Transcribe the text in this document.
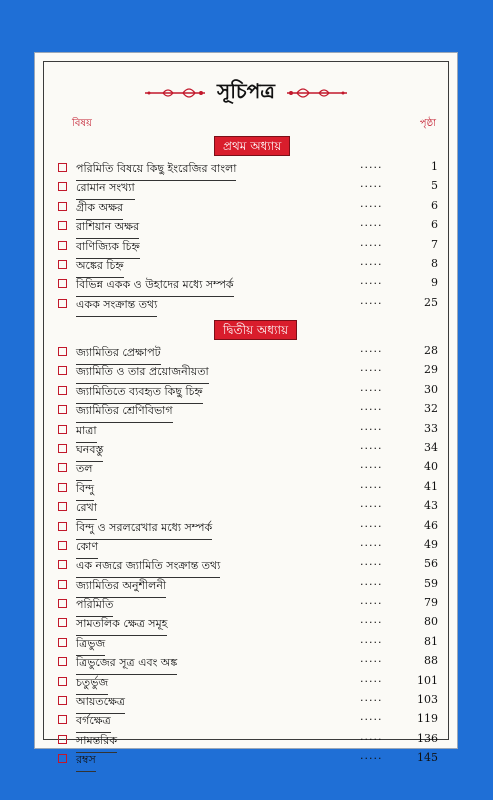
সূচিপত্র
বিষয়	পৃষ্ঠা
প্রথম অধ্যায়
পরিমিতি বিষয়ে কিছু ইংরেজির বাংলা	.....	1
রোমান সংখ্যা	.....	5
গ্রীক অক্ষর	.....	6
রাশিয়ান অক্ষর	.....	6
বাণিজ্যিক চিহ্ন	.....	7
অঙ্কের চিহ্ন	.....	8
বিভিন্ন একক ও উহাদের মধ্যে সম্পর্ক	.....	9
একক সংক্রান্ত তথ্য	.....	25
দ্বিতীয় অধ্যায়
জ্যামিতির প্রেক্ষাপট	.....	28
জ্যামিতি ও তার প্রয়োজনীয়তা	.....	29
জ্যামিতিতে ব্যবহৃত কিছু চিহ্ন	.....	30
জ্যামিতির শ্রেণিবিভাগ	.....	32
মাত্রা	.....	33
ঘনবস্তু	.....	34
তল	.....	40
বিন্দু	.....	41
রেখা	.....	43
বিন্দু ও সরলরেখার মধ্যে সম্পর্ক	.....	46
কোণ	.....	49
এক নজরে জ্যামিতি সংক্রান্ত তথ্য	.....	56
জ্যামিতির অনুশীলনী	.....	59
পরিমিতি	.....	79
সামতলিক ক্ষেত্র সমূহ	.....	80
ত্রিভুজ	.....	81
ত্রিভুজের সূত্র এবং অঙ্ক	.....	88
চতুর্ভুজ	.....	101
আয়তক্ষেত্র	.....	103
বর্গক্ষেত্র	.....	119
সামন্তরিক	.....	136
রম্বস	.....	145
